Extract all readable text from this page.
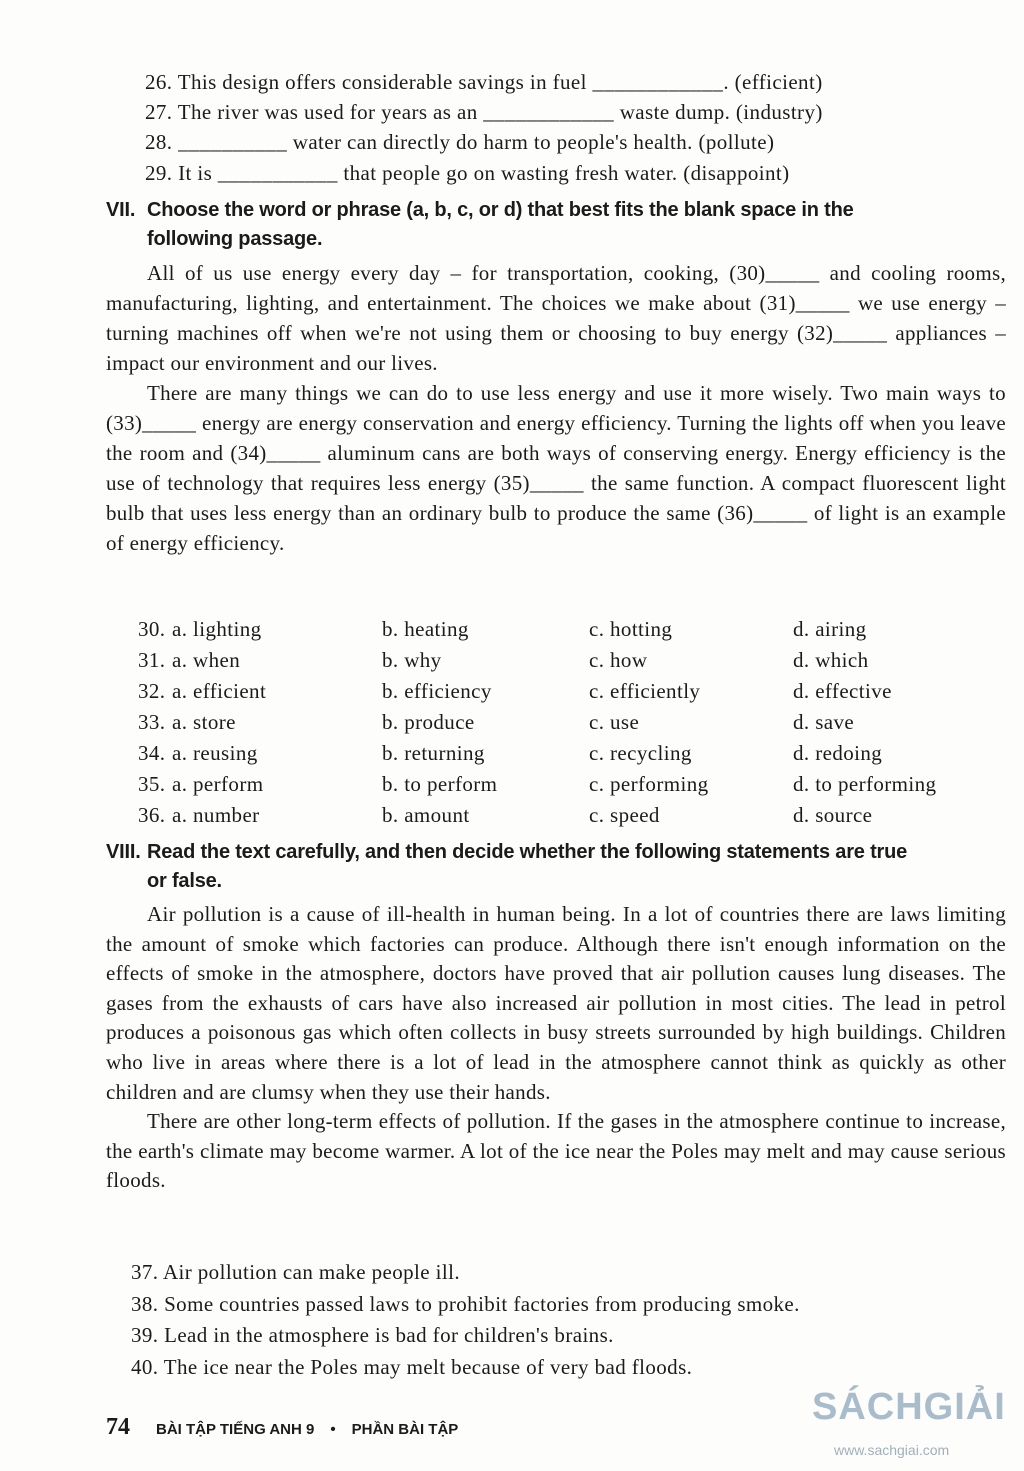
26. This design offers considerable savings in fuel ____________. (efficient)
27. The river was used for years as an ____________ waste dump. (industry)
28. __________ water can directly do harm to people's health. (pollute)
29. It is ___________ that people go on wasting fresh water. (disappoint)
VII. Choose the word or phrase (a, b, c, or d) that best fits the blank space in the
following passage.

All of us use energy every day – for transportation, cooking, (30)_____ and cooling rooms, manufacturing, lighting, and entertainment. The choices we make about (31)_____ we use energy – turning machines off when we're not using them or choosing to buy energy (32)_____ appliances – impact our environment and our lives.

There are many things we can do to use less energy and use it more wisely. Two main ways to (33)_____ energy are energy conservation and energy efficiency. Turning the lights off when you leave the room and (34)_____ aluminum cans are both ways of conserving energy. Energy efficiency is the use of technology that requires less energy (35)_____ the same function. A compact fluorescent light bulb that uses less energy than an ordinary bulb to produce the same (36)_____ of light is an example of energy efficiency.

30. a. lighting	b. heating	c. hotting	d. airing
31. a. when	b. why	c. how	d. which
32. a. efficient	b. efficiency	c. efficiently	d. effective
33. a. store	b. produce	c. use	d. save
34. a. reusing	b. returning	c. recycling	d. redoing
35. a. perform	b. to perform	c. performing	d. to performing
36. a. number	b. amount	c. speed	d. source
VIII. Read the text carefully, and then decide whether the following statements are true
or false.

Air pollution is a cause of ill-health in human being. In a lot of countries there are laws limiting the amount of smoke which factories can produce. Although there isn't enough information on the effects of smoke in the atmosphere, doctors have proved that air pollution causes lung diseases. The gases from the exhausts of cars have also increased air pollution in most cities. The lead in petrol produces a poisonous gas which often collects in busy streets surrounded by high buildings. Children who live in areas where there is a lot of lead in the atmosphere cannot think as quickly as other children and are clumsy when they use their hands.

There are other long-term effects of pollution. If the gases in the atmosphere continue to increase, the earth's climate may become warmer. A lot of the ice near the Poles may melt and may cause serious floods.

37. Air pollution can make people ill.
38. Some countries passed laws to prohibit factories from producing smoke.
39. Lead in the atmosphere is bad for children's brains.
40. The ice near the Poles may melt because of very bad floods.
74 BÀI TẬP TIẾNG ANH 9 • PHẦN BÀI TẬP
SÁCHGIẢI
www.sachgiai.com
